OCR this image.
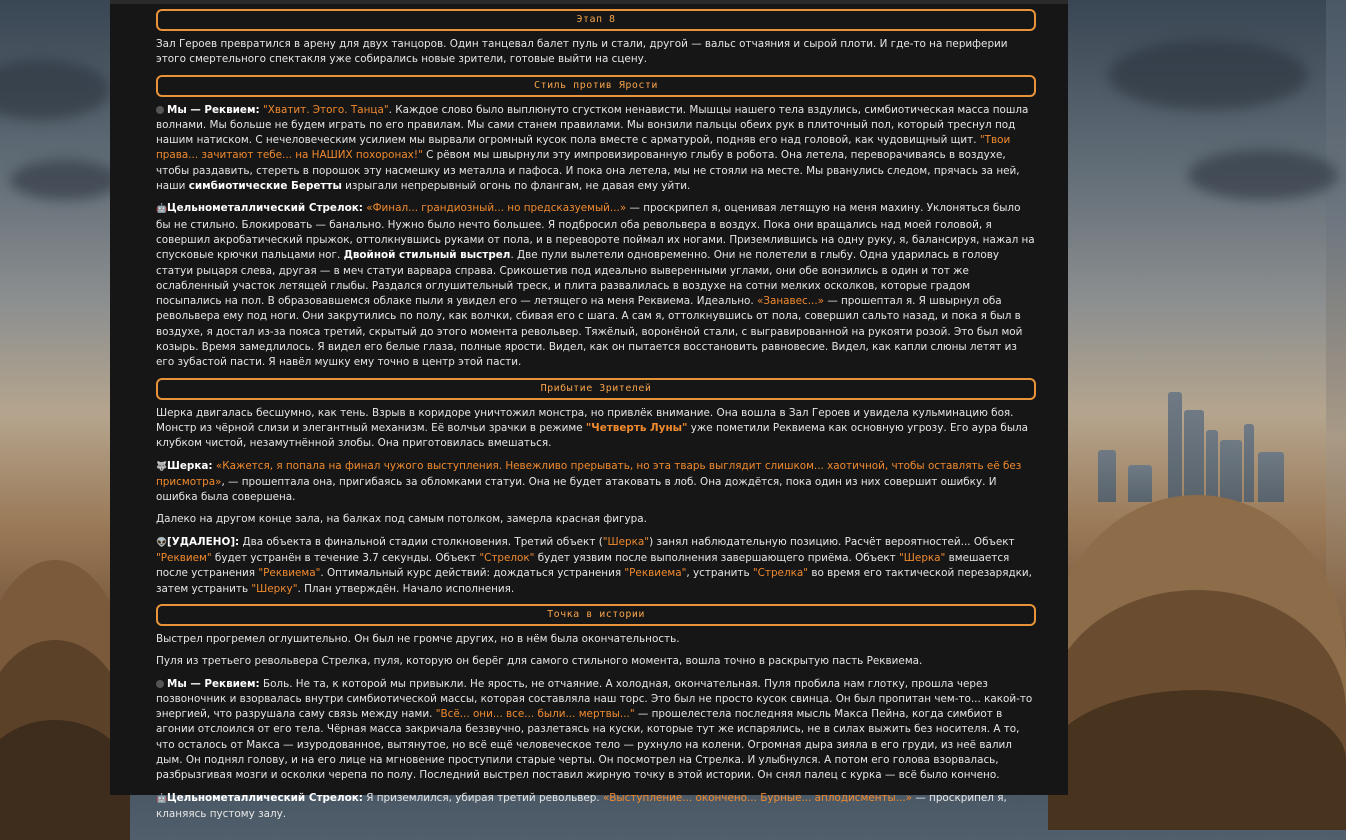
Этап 8

Зал Героев превратился в арену для двух танцоров. Один танцевал балет пуль и стали, другой — вальс отчаяния и сырой плоти. И где-то на периферии этого смертельного спектакля уже собирались новые зрители, готовые выйти на сцену.

Стиль против Ярости

Мы — Реквием: "Хватит. Этого. Танца". Каждое слово было выплюнуто сгустком ненависти. Мышцы нашего тела вздулись, симбиотическая масса пошла волнами. Мы больше не будем играть по его правилам. Мы сами станем правилами. Мы вонзили пальцы обеих рук в плиточный пол, который треснул под нашим натиском. С нечеловеческим усилием мы вырвали огромный кусок пола вместе с арматурой, подняв его над головой, как чудовищный щит. "Твои права... зачитают тебе... на НАШИХ похоронах!" С рёвом мы швырнули эту импровизированную глыбу в робота. Она летела, переворачиваясь в воздухе, чтобы раздавить, стереть в порошок эту насмешку из металла и пафоса. И пока она летела, мы не стояли на месте. Мы рванулись следом, прячась за ней, наши симбиотические Беретты изрыгали непрерывный огонь по флангам, не давая ему уйти.

🤖Цельнометаллический Стрелок: «Финал... грандиозный... но предсказуемый...» — проскрипел я, оценивая летящую на меня махину. Уклоняться было бы не стильно. Блокировать — банально. Нужно было нечто большее. Я подбросил оба револьвера в воздух. Пока они вращались над моей головой, я совершил акробатический прыжок, оттолкнувшись руками от пола, и в перевороте поймал их ногами. Приземлившись на одну руку, я, балансируя, нажал на спусковые крючки пальцами ног. Двойной стильный выстрел. Две пули вылетели одновременно. Они не полетели в глыбу. Одна ударилась в голову статуи рыцаря слева, другая — в меч статуи варвара справа. Срикошетив под идеально выверенными углами, они обе вонзились в один и тот же ослабленный участок летящей глыбы. Раздался оглушительный треск, и плита развалилась в воздухе на сотни мелких осколков, которые градом посыпались на пол. В образовавшемся облаке пыли я увидел его — летящего на меня Реквиема. Идеально. «Занавес...» — прошептал я. Я швырнул оба револьвера ему под ноги. Они закрутились по полу, как волчки, сбивая его с шага. А сам я, оттолкнувшись от пола, совершил сальто назад, и пока я был в воздухе, я достал из-за пояса третий, скрытый до этого момента револьвер. Тяжёлый, воронёной стали, с выгравированной на рукояти розой. Это был мой козырь. Время замедлилось. Я видел его белые глаза, полные ярости. Видел, как он пытается восстановить равновесие. Видел, как капли слюны летят из его зубастой пасти. Я навёл мушку ему точно в центр этой пасти.

Прибытие Зрителей

Шерка двигалась бесшумно, как тень. Взрыв в коридоре уничтожил монстра, но привлёк внимание. Она вошла в Зал Героев и увидела кульминацию боя. Монстр из чёрной слизи и элегантный механизм. Её волчьи зрачки в режиме "Четверть Луны" уже пометили Реквиема как основную угрозу. Его аура была клубком чистой, незамутнённой злобы. Она приготовилась вмешаться.

🐺Шерка: «Кажется, я попала на финал чужого выступления. Невежливо прерывать, но эта тварь выглядит слишком... хаотичной, чтобы оставлять её без присмотра», — прошептала она, пригибаясь за обломками статуи. Она не будет атаковать в лоб. Она дождётся, пока один из них совершит ошибку. И ошибка была совершена.

Далеко на другом конце зала, на балках под самым потолком, замерла красная фигура.

👽[УДАЛЕНО]: Два объекта в финальной стадии столкновения. Третий объект ("Шерка") занял наблюдательную позицию. Расчёт вероятностей... Объект "Реквием" будет устранён в течение 3.7 секунды. Объект "Стрелок" будет уязвим после выполнения завершающего приёма. Объект "Шерка" вмешается после устранения "Реквиема". Оптимальный курс действий: дождаться устранения "Реквиема", устранить "Стрелка" во время его тактической перезарядки, затем устранить "Шерку". План утверждён. Начало исполнения.

Точка в истории

Выстрел прогремел оглушительно. Он был не громче других, но в нём была окончательность.

Пуля из третьего револьвера Стрелка, пуля, которую он берёг для самого стильного момента, вошла точно в раскрытую пасть Реквиема.

Мы — Реквием: Боль. Не та, к которой мы привыкли. Не ярость, не отчаяние. А холодная, окончательная. Пуля пробила нам глотку, прошла через позвоночник и взорвалась внутри симбиотической массы, которая составляла наш торс. Это был не просто кусок свинца. Он был пропитан чем-то... какой-то энергией, что разрушала саму связь между нами. "Всё... они... все... были... мертвы..." — прошелестела последняя мысль Макса Пейна, когда симбиот в агонии отслоился от его тела. Чёрная масса закричала беззвучно, разлетаясь на куски, которые тут же испарялись, не в силах выжить без носителя. А то, что осталось от Макса — изуродованное, вытянутое, но всё ещё человеческое тело — рухнуло на колени. Огромная дыра зияла в его груди, из неё валил дым. Он поднял голову, и на его лице на мгновение проступили старые черты. Он посмотрел на Стрелка. И улыбнулся. А потом его голова взорвалась, разбрызгивая мозги и осколки черепа по полу. Последний выстрел поставил жирную точку в этой истории. Он снял палец с курка — всё было кончено.

🤖Цельнометаллический Стрелок: Я приземлился, убирая третий револьвер. «Выступление... окончено... Бурные... аплодисменты...» — проскрипел я, кланяясь пустому залу.
